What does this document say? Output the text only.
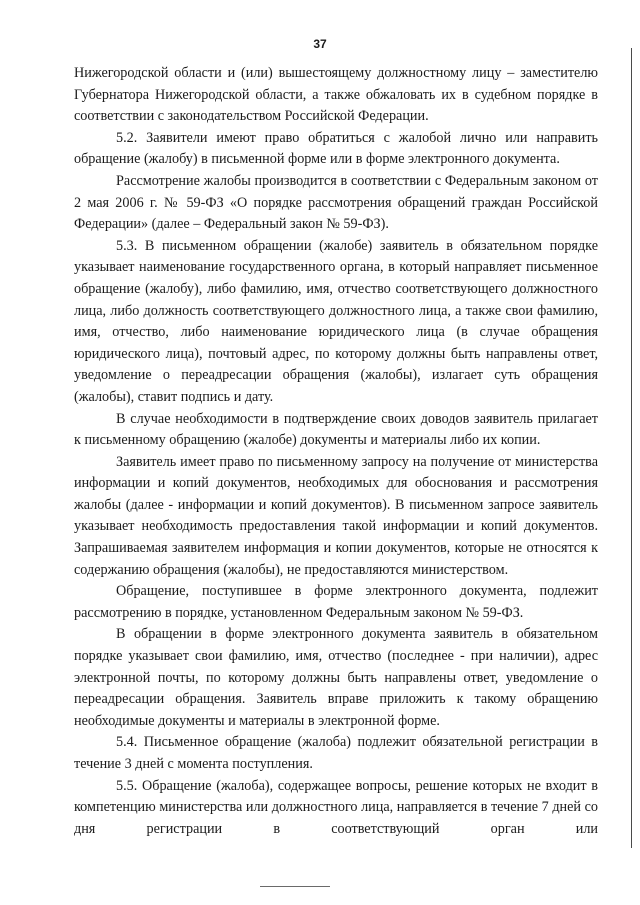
37

Нижегородской области и (или) вышестоящему должностному лицу – заместителю Губернатора Нижегородской области, а также обжаловать их в судебном порядке в соответствии с законодательством Российской Федерации.

5.2. Заявители имеют право обратиться с жалобой лично или направить обращение (жалобу) в письменной форме или в форме электронного документа.

Рассмотрение жалобы производится в соответствии с Федеральным законом от 2 мая 2006 г. № 59-ФЗ «О порядке рассмотрения обращений граждан Российской Федерации» (далее – Федеральный закон № 59-ФЗ).

5.3. В письменном обращении (жалобе) заявитель в обязательном порядке указывает наименование государственного органа, в который направляет письменное обращение (жалобу), либо фамилию, имя, отчество соответствующего должностного лица, либо должность соответствующего должностного лица, а также свои фамилию, имя, отчество, либо наименование юридического лица (в случае обращения юридического лица), почтовый адрес, по которому должны быть направлены ответ, уведомление о переадресации обращения (жалобы), излагает суть обращения (жалобы), ставит подпись и дату.

В случае необходимости в подтверждение своих доводов заявитель прилагает к письменному обращению (жалобе) документы и материалы либо их копии.

Заявитель имеет право по письменному запросу на получение от министерства информации и копий документов, необходимых для обоснования и рассмотрения жалобы (далее - информации и копий документов). В письменном запросе заявитель указывает необходимость предоставления такой информации и копий документов. Запрашиваемая заявителем информация и копии документов, которые не относятся к содержанию обращения (жалобы), не предоставляются министерством.

Обращение, поступившее в форме электронного документа, подлежит рассмотрению в порядке, установленном Федеральным законом № 59-ФЗ.

В обращении в форме электронного документа заявитель в обязательном порядке указывает свои фамилию, имя, отчество (последнее - при наличии), адрес электронной почты, по которому должны быть направлены ответ, уведомление о переадресации обращения. Заявитель вправе приложить к такому обращению необходимые документы и материалы в электронной форме.

5.4. Письменное обращение (жалоба) подлежит обязательной регистрации в течение 3 дней с момента поступления.

5.5. Обращение (жалоба), содержащее вопросы, решение которых не входит в компетенцию министерства или должностного лица, направляется в течение 7 дней со дня регистрации в соответствующий орган или
